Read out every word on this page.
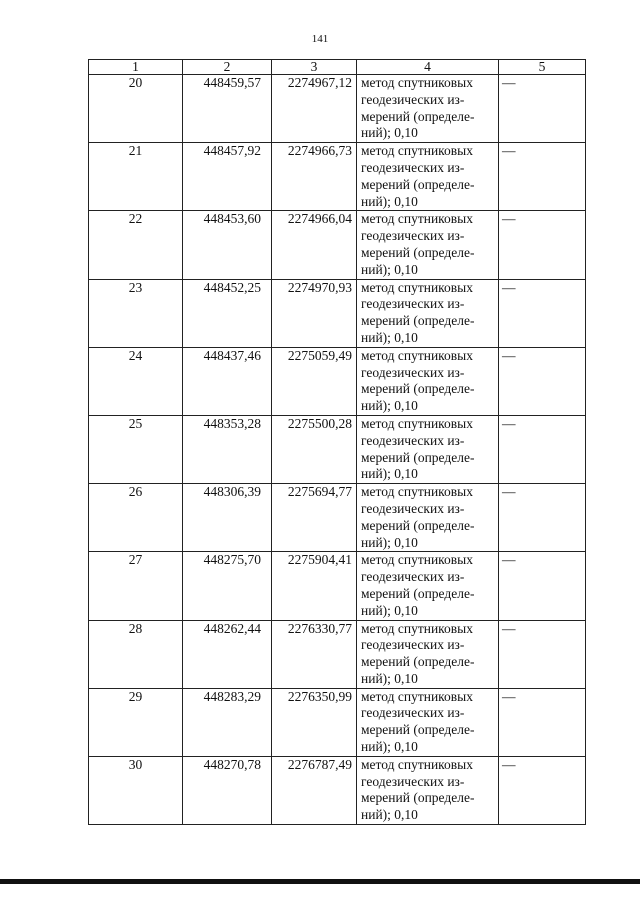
141
1	2	3	4	5
20	448459,57	2274967,12	метод спутниковых
геодезических из-
мерений (определе-
ний); 0,10	—
21	448457,92	2274966,73	метод спутниковых
геодезических из-
мерений (определе-
ний); 0,10	—
22	448453,60	2274966,04	метод спутниковых
геодезических из-
мерений (определе-
ний); 0,10	—
23	448452,25	2274970,93	метод спутниковых
геодезических из-
мерений (определе-
ний); 0,10	—
24	448437,46	2275059,49	метод спутниковых
геодезических из-
мерений (определе-
ний); 0,10	—
25	448353,28	2275500,28	метод спутниковых
геодезических из-
мерений (определе-
ний); 0,10	—
26	448306,39	2275694,77	метод спутниковых
геодезических из-
мерений (определе-
ний); 0,10	—
27	448275,70	2275904,41	метод спутниковых
геодезических из-
мерений (определе-
ний); 0,10	—
28	448262,44	2276330,77	метод спутниковых
геодезических из-
мерений (определе-
ний); 0,10	—
29	448283,29	2276350,99	метод спутниковых
геодезических из-
мерений (определе-
ний); 0,10	—
30	448270,78	2276787,49	метод спутниковых
геодезических из-
мерений (определе-
ний); 0,10	—
